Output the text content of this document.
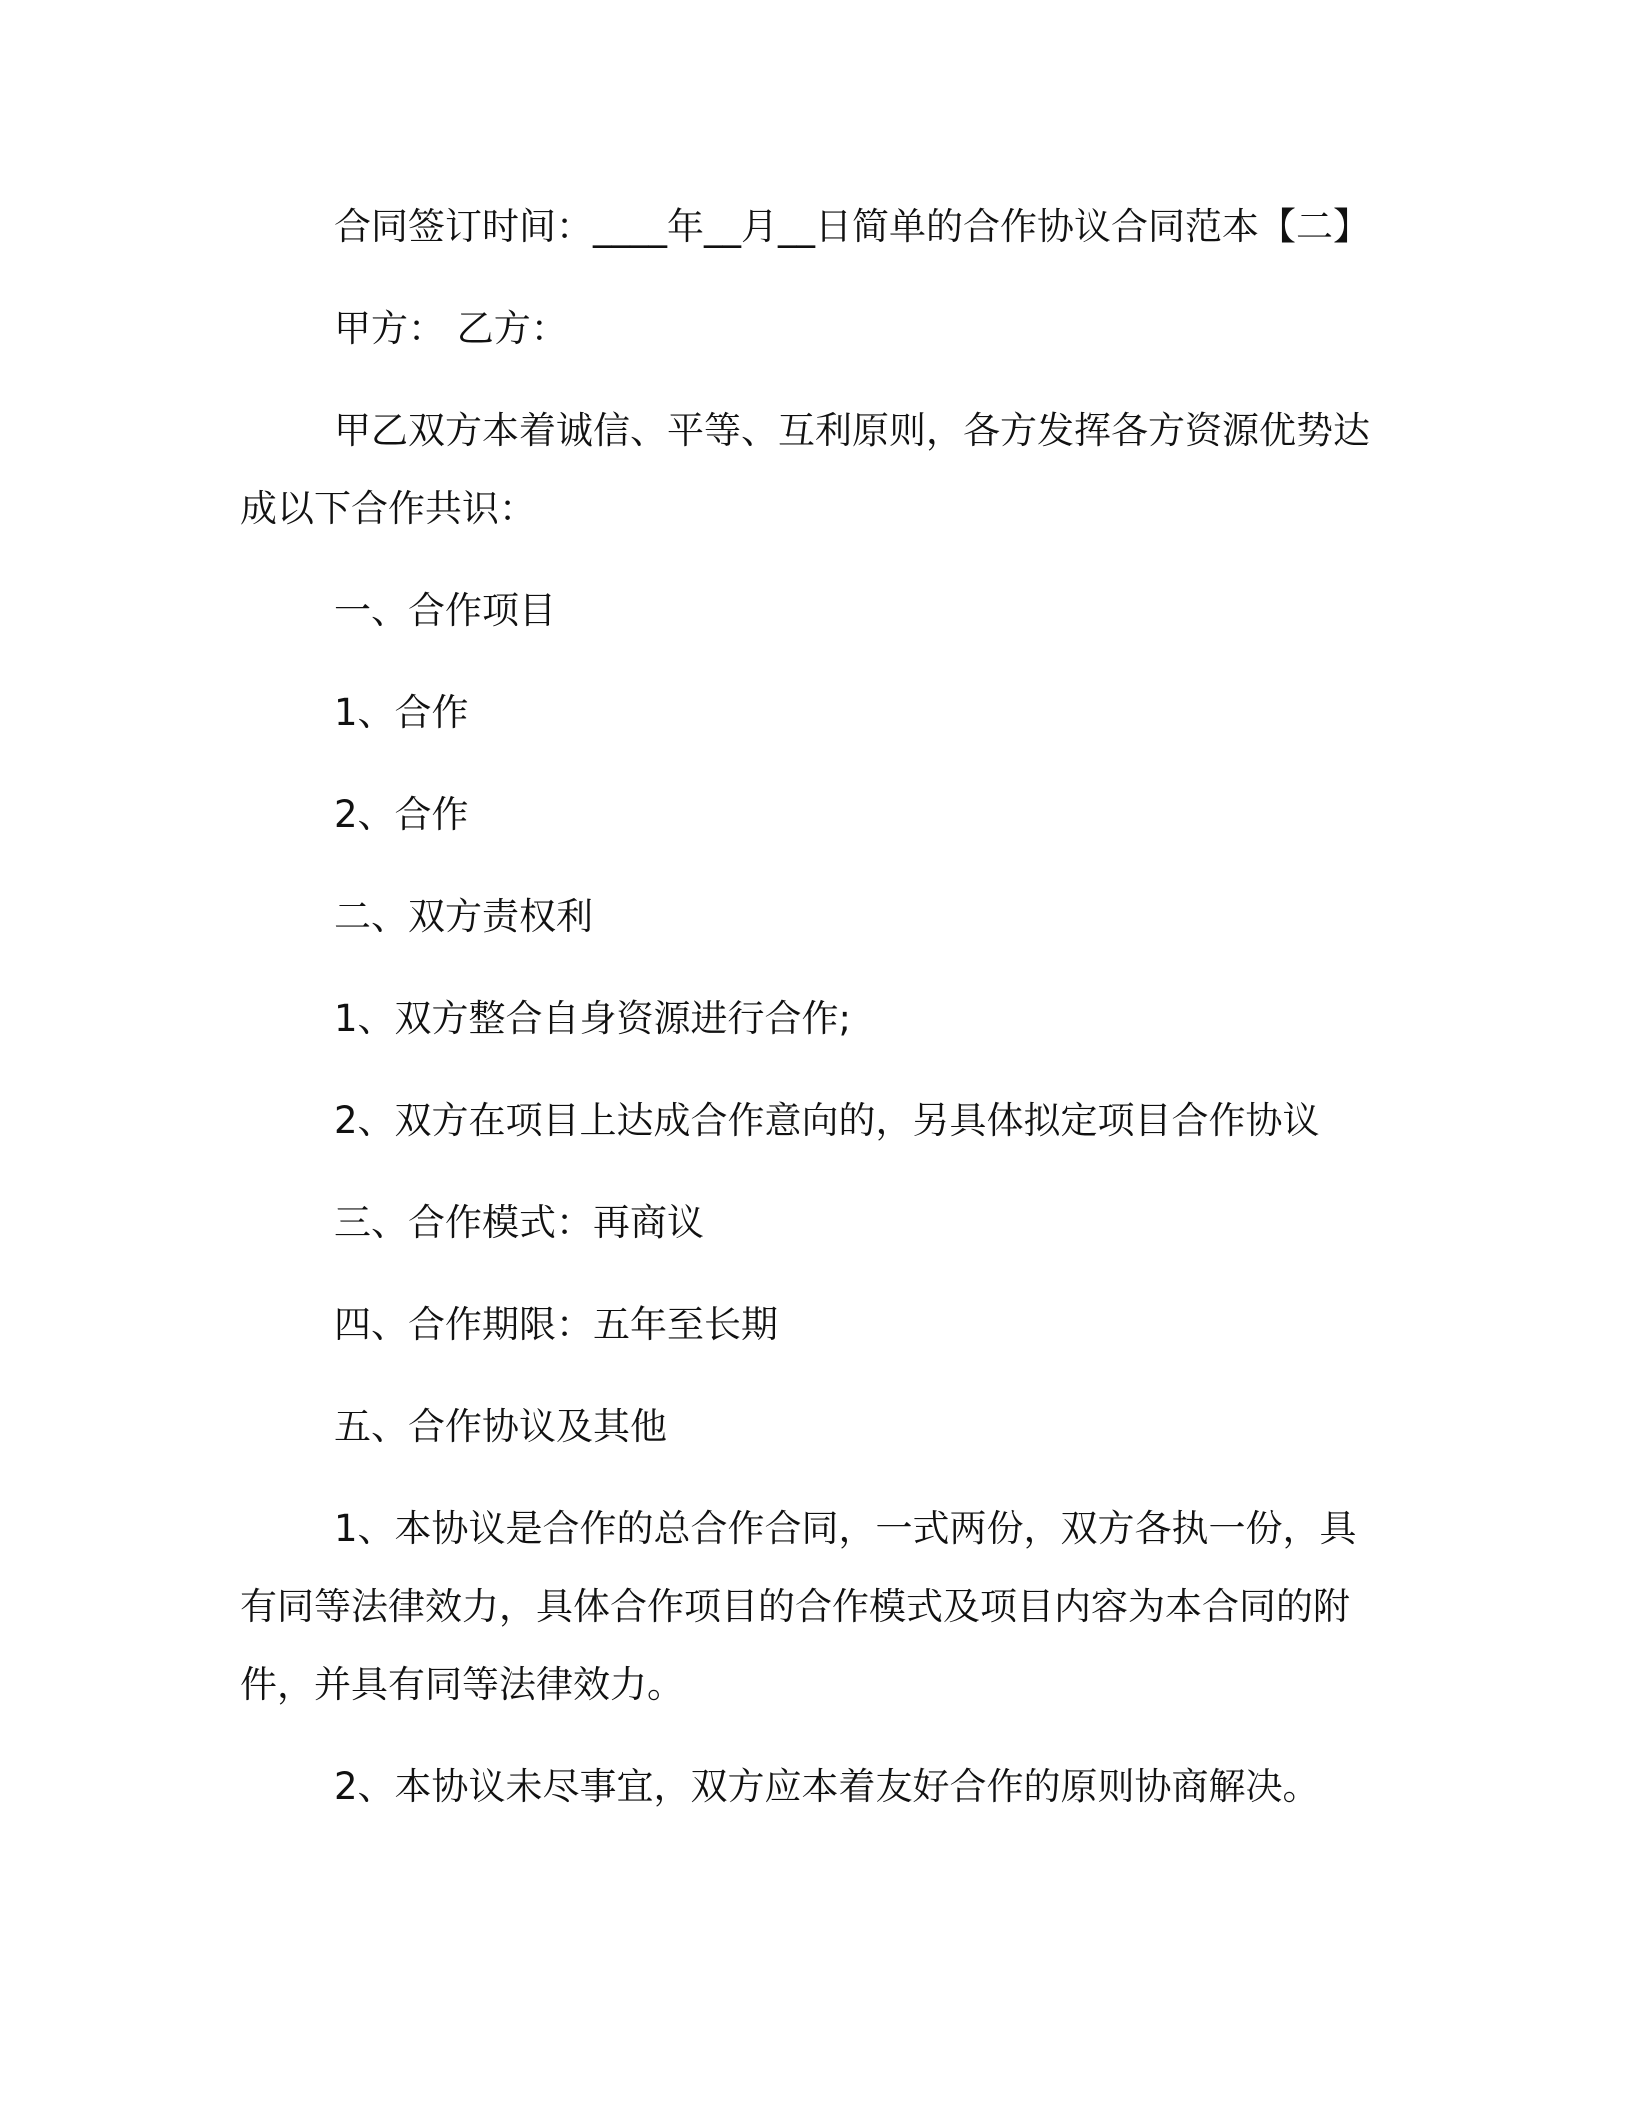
合同签订时间：____年__月__日简单的合作协议合同范本【二】

甲方： 乙方：

甲乙双方本着诚信、平等、互利原则，各方发挥各方资源优势达成以下合作共识：

一、合作项目

1、合作

2、合作

二、双方责权利

1、双方整合自身资源进行合作;

2、双方在项目上达成合作意向的，另具体拟定项目合作协议

三、合作模式：再商议

四、合作期限：五年至长期

五、合作协议及其他

1、本协议是合作的总合作合同，一式两份，双方各执一份，具有同等法律效力，具体合作项目的合作模式及项目内容为本合同的附件，并具有同等法律效力。

2、本协议未尽事宜，双方应本着友好合作的原则协商解决。
